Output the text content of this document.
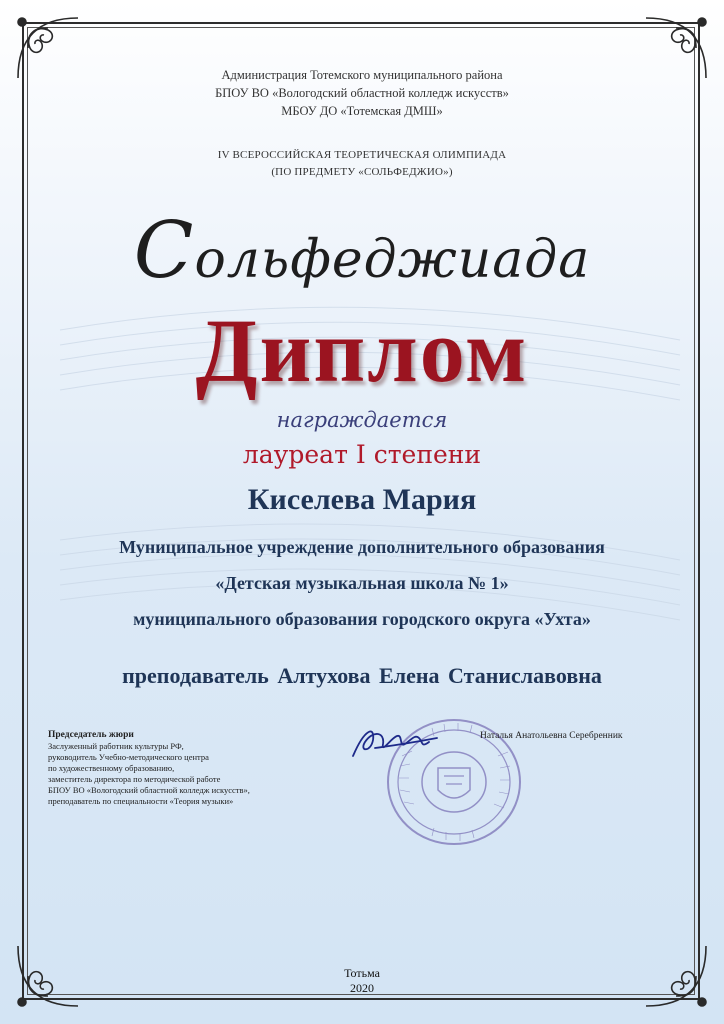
Администрация Тотемского муниципального района
БПОУ ВО «Вологодский областной колледж искусств»
МБОУ ДО «Тотемская ДМШ»
IV ВСЕРОССИЙСКАЯ ТЕОРЕТИЧЕСКАЯ ОЛИМПИАДА
(ПО ПРЕДМЕТУ «СОЛЬФЕДЖИО»)
Сольфеджиада
Диплом
награждается
лауреат I степени
Киселева Мария
Муниципальное учреждение дополнительного образования
«Детская музыкальная школа № 1»
муниципального образования городского округа «Ухта»
преподаватель Алтухова Елена Станиславовна
Председатель жюри
Заслуженный работник культуры РФ,
руководитель Учебно-методического центра
по художественному образованию,
заместитель директора по методической работе
БПОУ ВО «Вологодский областной колледж искусств»,
преподаватель по специальности «Теория музыки»
Наталья Анатольевна Серебренник
Тотьма
2020
